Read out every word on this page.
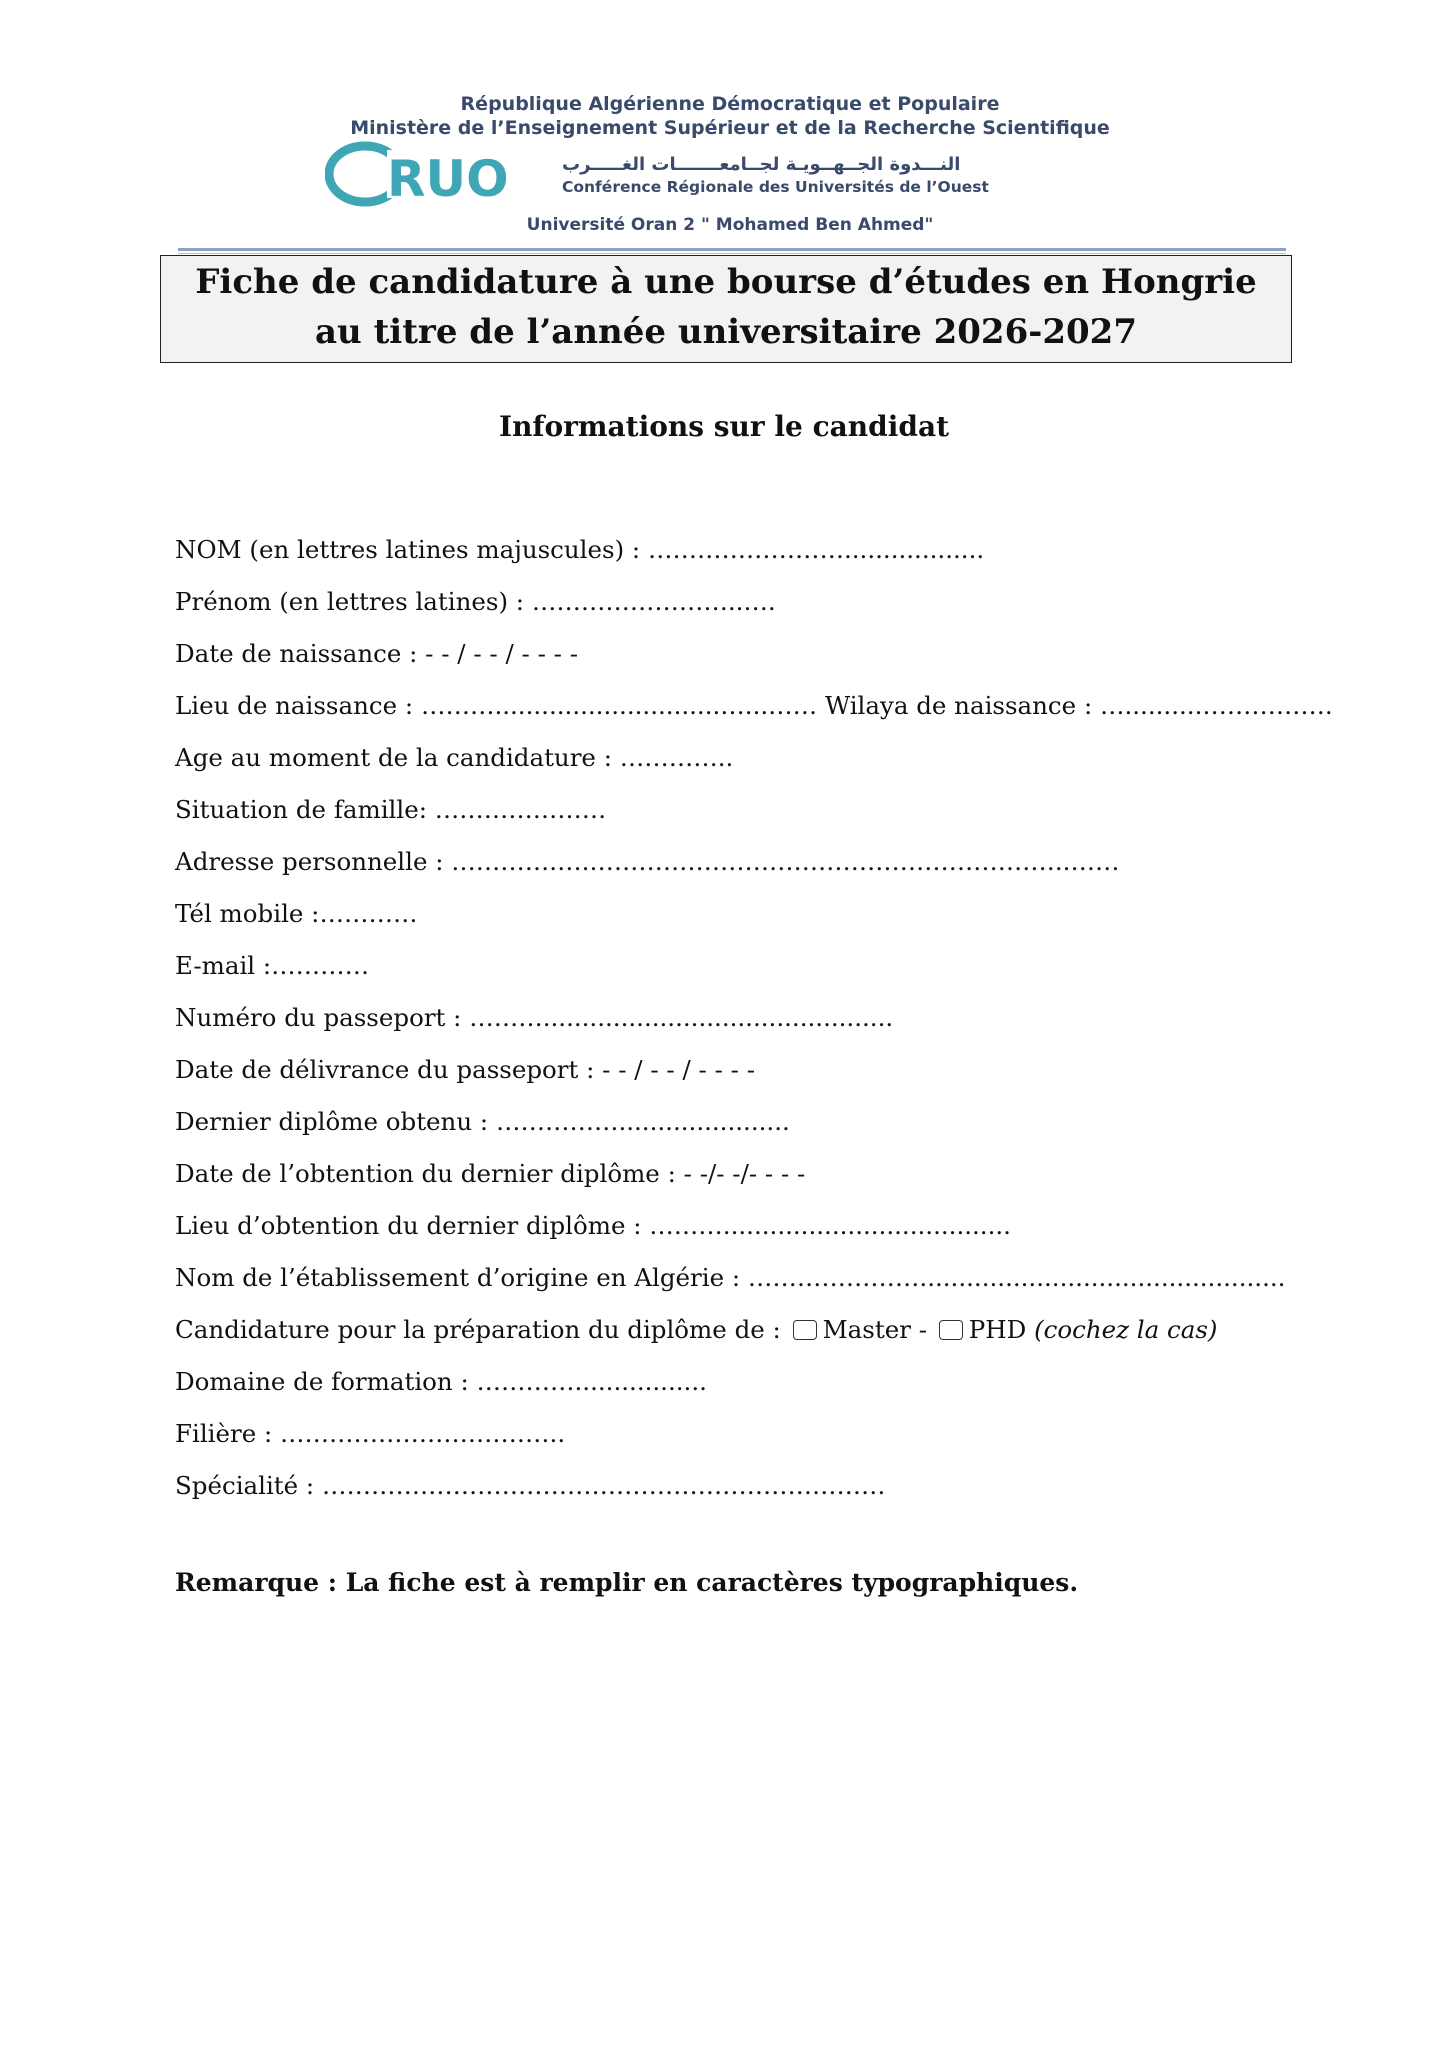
République Algérienne Démocratique et Populaire
Ministère de l’Enseignement Supérieur et de la Recherche Scientifique
RUO	النـــدوة الجــهــويـة لجــامعـــــــات الغـــــرب
Conférence Régionale des Universités de l’Ouest
Université Oran 2 " Mohamed Ben Ahmed"
Fiche de candidature à une bourse d’études en Hongrie
au titre de l’année universitaire 2026-2027
Informations sur le candidat
NOM (en lettres latines majuscules) : ……………………..................
Prénom (en lettres latines) : ……………………..….
Date de naissance : - - / - - / - - - -
Lieu de naissance : ……….............................…...…… Wilaya de naissance : …..........…………….
Age au moment de la candidature : …………..
Situation de famille: …………………
Adresse personnelle : ………….….…………………………………………………..……
Tél mobile :…………
E-mail :…………
Numéro du passeport : ……….............................................
Date de délivrance du passeport : - - / - - / - - - -
Dernier diplôme obtenu : ……………......................
Date de l’obtention du dernier diplôme : - -/- -/- - - -
Lieu d’obtention du dernier diplôme : ……….....................................
Nom de l’établissement d’origine en Algérie : …………………...............................................
Candidature pour la préparation du diplôme de : Master - PHD (cochez la cas)
Domaine de formation : ………….................
Filière : ……………………………..
Spécialité : ……………………………………………………………
Remarque : La fiche est à remplir en caractères typographiques.
